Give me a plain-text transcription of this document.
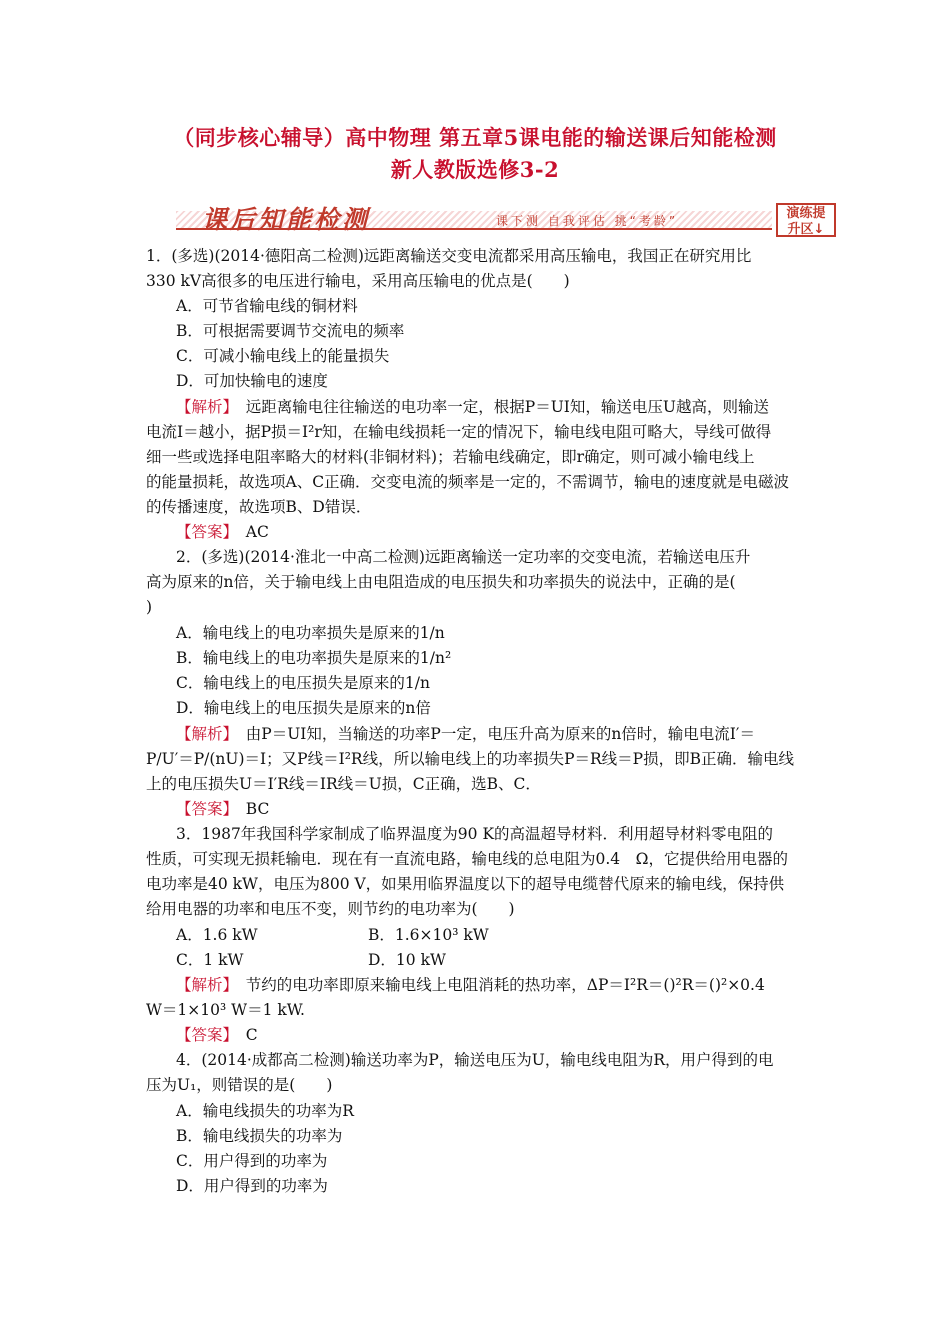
（同步核心辅导）高中物理 第五章5课电能的输送课后知能检测
新人教版选修3-2
课后知能检测	课下测 自我评估 挑“考龄”	演练提
升区↓
1．(多选)(2014·德阳高二检测)远距离输送交变电流都采用高压输电，我国正在研究用比
330 kV高很多的电压进行输电，采用高压输电的优点是(　　)
A．可节省输电线的铜材料
B．可根据需要调节交流电的频率
C．可减小输电线上的能量损失
D．可加快输电的速度
【解析】　 远距离输电往往输送的电功率一定，根据P＝UI知，输送电压U越高，则输送
电流I＝越小，据P损＝I²r知，在输电线损耗一定的情况下，输电线电阻可略大，导线可做得
细一些或选择电阻率略大的材料(非铜材料)；若输电线确定，即r确定，则可减小输电线上
的能量损耗，故选项A、C正确．交变电流的频率是一定的，不需调节，输电的速度就是电磁波
的传播速度，故选项B、D错误．
【答案】　 AC
2．(多选)(2014·淮北一中高二检测)远距离输送一定功率的交变电流，若输送电压升
高为原来的n倍，关于输电线上由电阻造成的电压损失和功率损失的说法中，正确的是(
)
A．输电线上的电功率损失是原来的1/n
B．输电线上的电功率损失是原来的1/n²
C．输电线上的电压损失是原来的1/n
D．输电线上的电压损失是原来的n倍
【解析】　 由P＝UI知，当输送的功率P一定，电压升高为原来的n倍时，输电电流I′＝
P/U′＝P/(nU)＝I；又P线＝I²R线，所以输电线上的功率损失P＝R线＝P损，即B正确．输电线
上的电压损失U＝I′R线＝IR线＝U损，C正确，选B、C．
【答案】　 BC
3．1987年我国科学家制成了临界温度为90 K的高温超导材料．利用超导材料零电阻的
性质，可实现无损耗输电．现在有一直流电路，输电线的总电阻为0.4　Ω，它提供给用电器的
电功率是40 kW，电压为800 V，如果用临界温度以下的超导电缆替代原来的输电线，保持供
给用电器的功率和电压不变，则节约的电功率为(　　)
A．1.6 kW	B．1.6×10³ kW
C．1 kW	D．10 kW
【解析】　 节约的电功率即原来输电线上电阻消耗的热功率，ΔP＝I²R＝()²R＝()²×0.4
W＝1×10³ W＝1 kW.
【答案】　 C
4．(2014·成都高二检测)输送功率为P，输送电压为U，输电线电阻为R，用户得到的电
压为U₁，则错误的是(　　)
A．输电线损失的功率为R
B．输电线损失的功率为
C．用户得到的功率为
D．用户得到的功率为
